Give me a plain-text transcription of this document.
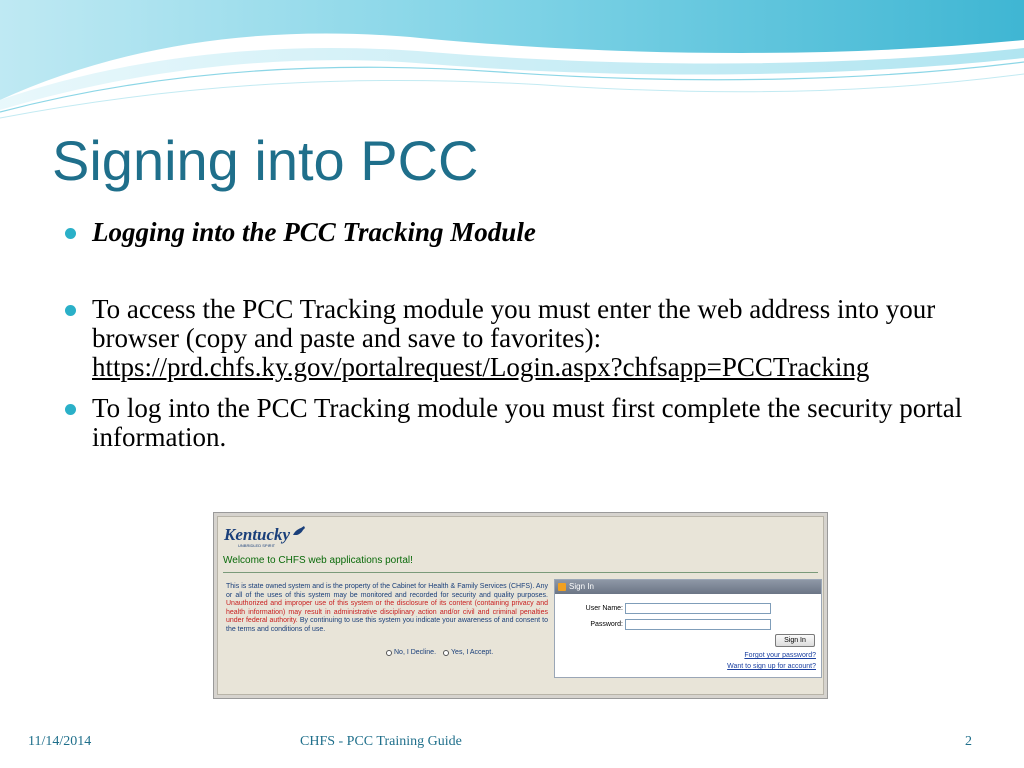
Signing into PCC
Logging into the PCC Tracking Module
To access the PCC Tracking module you must enter the web address into your browser (copy and paste and save to favorites): https://prd.chfs.ky.gov/portalrequest/Login.aspx?chfsapp=PCCTracking
To log into the PCC Tracking module you must first complete the security portal information.
Kentucky
UNBRIDLED SPIRIT
Welcome to CHFS web applications portal!
This is state owned system and is the property of the Cabinet for Health & Family Services (CHFS). Any or all of the uses of this system may be monitored and recorded for security and quality purposes. Unauthorized and improper use of this system or the disclosure of its content (containing privacy and health information) may result in administrative disciplinary action and/or civil and criminal penalties under federal authority. By continuing to use this system you indicate your awareness of and consent to the terms and conditions of use.
No, I Decline. Yes, I Accept.
Sign In
User Name:
Password:
Sign In
Forgot your password?
Want to sign up for account?
11/14/2014	CHFS - PCC Training Guide	2
